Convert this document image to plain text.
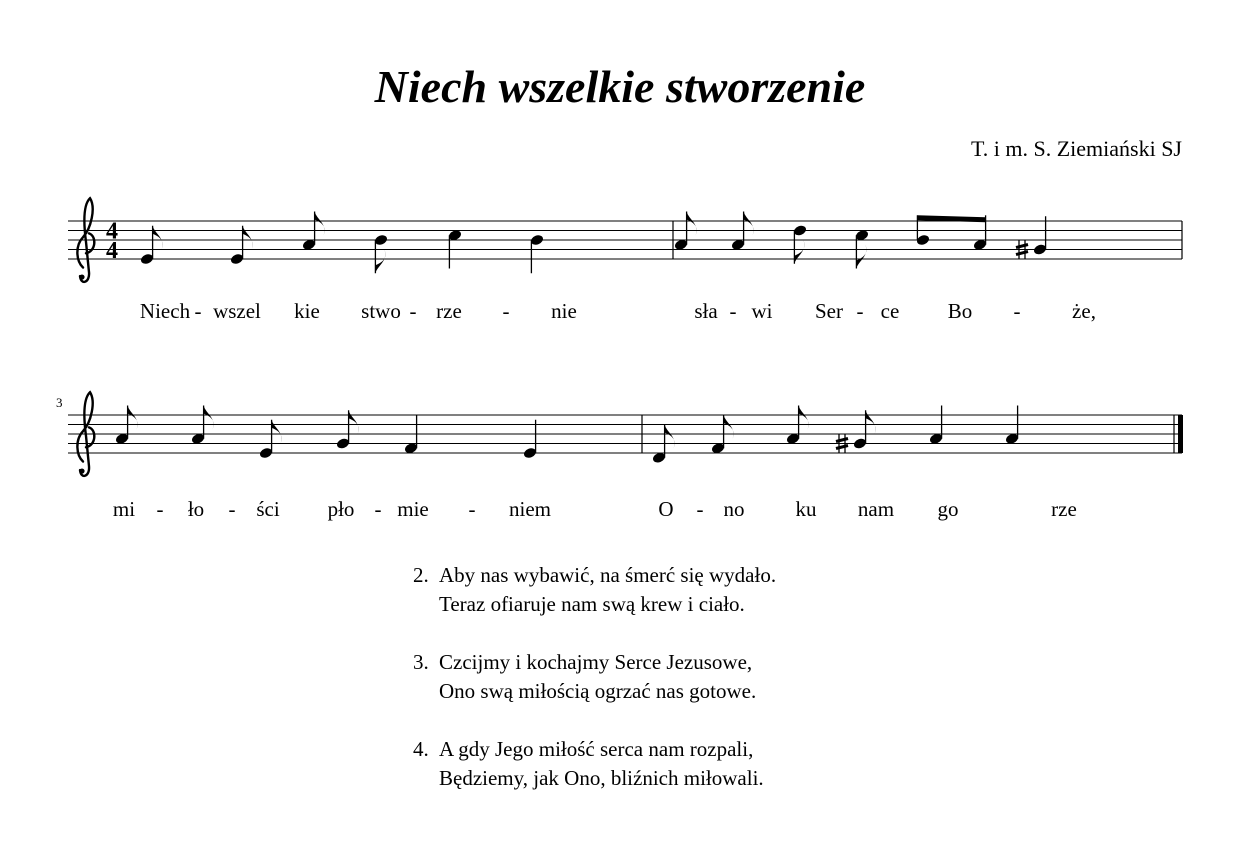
Niech wszelkie stworzenie
T. i m. S. Ziemiański SJ
4
4
Niech wszel kie stwo rze	nie	sła wi Ser ce Bo	że,
-	-	-	-	-	-
3
mi	ło ści pło mie	niem	O no ku nam go	rze
-	-	-	-	-
2. Aby nas wybawić, na śmerć się wydało.
Teraz ofiaruje nam swą krew i ciało.
3. Czcijmy i kochajmy Serce Jezusowe,
Ono swą miłością ogrzać nas gotowe.
4. A gdy Jego miłość serca nam rozpali,
Będziemy, jak Ono, bliźnich miłowali.
